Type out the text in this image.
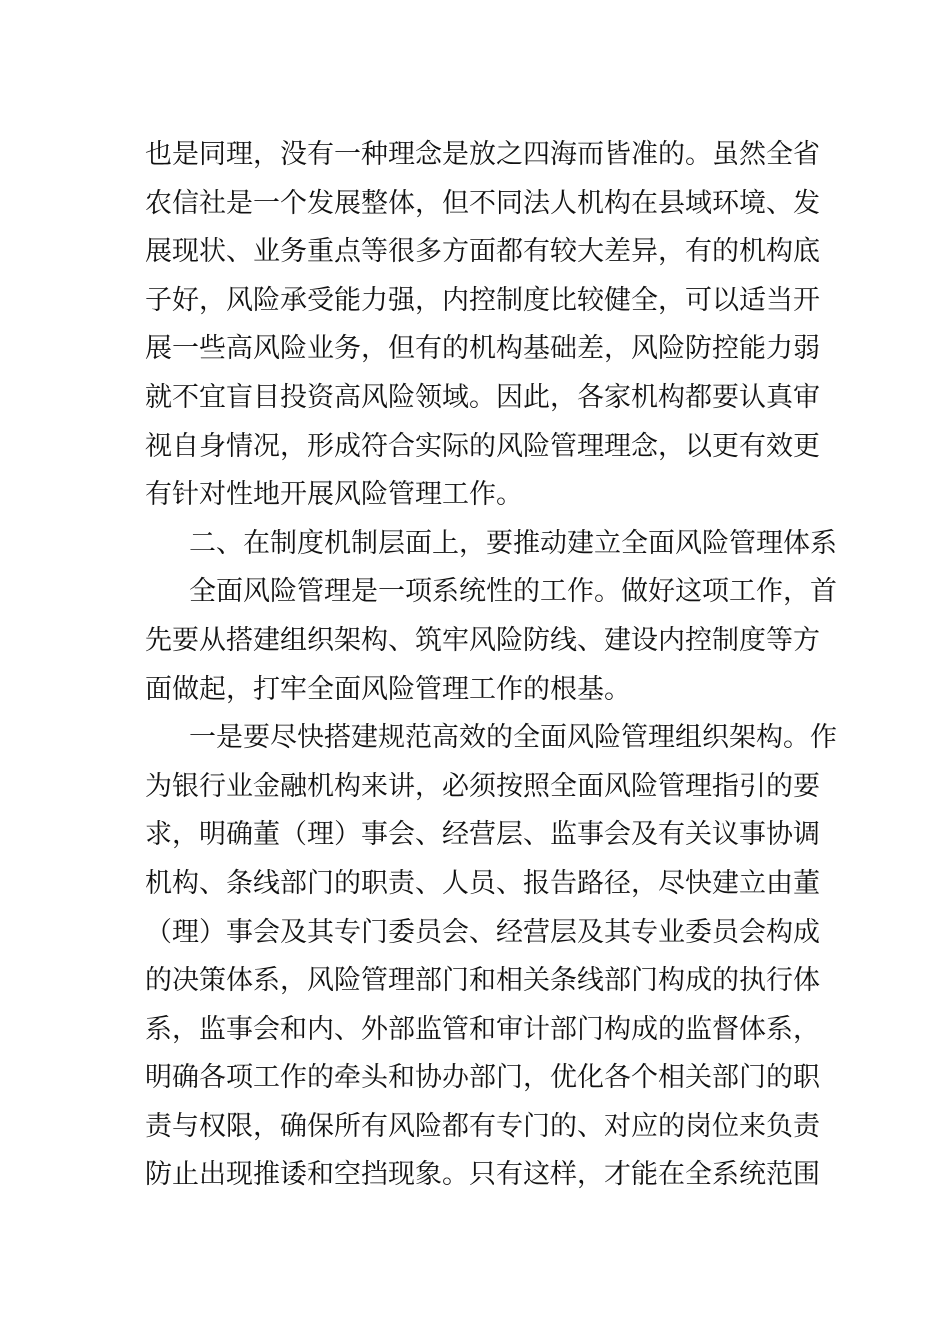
也是同理，没有一种理念是放之四海而皆准的。虽然全省
农信社是一个发展整体，但不同法人机构在县域环境、发
展现状、业务重点等很多方面都有较大差异，有的机构底
子好，风险承受能力强，内控制度比较健全，可以适当开
展一些高风险业务，但有的机构基础差，风险防控能力弱
就不宜盲目投资高风险领域。因此，各家机构都要认真审
视自身情况，形成符合实际的风险管理理念，以更有效更
有针对性地开展风险管理工作。
二、在制度机制层面上，要推动建立全面风险管理体系
全面风险管理是一项系统性的工作。做好这项工作，首
先要从搭建组织架构、筑牢风险防线、建设内控制度等方
面做起，打牢全面风险管理工作的根基。
一是要尽快搭建规范高效的全面风险管理组织架构。作
为银行业金融机构来讲，必须按照全面风险管理指引的要
求，明确董（理）事会、经营层、监事会及有关议事协调
机构、条线部门的职责、人员、报告路径，尽快建立由董
（理）事会及其专门委员会、经营层及其专业委员会构成
的决策体系，风险管理部门和相关条线部门构成的执行体
系，监事会和内、外部监管和审计部门构成的监督体系，
明确各项工作的牵头和协办部门，优化各个相关部门的职
责与权限，确保所有风险都有专门的、对应的岗位来负责
防止出现推诿和空挡现象。只有这样，才能在全系统范围
